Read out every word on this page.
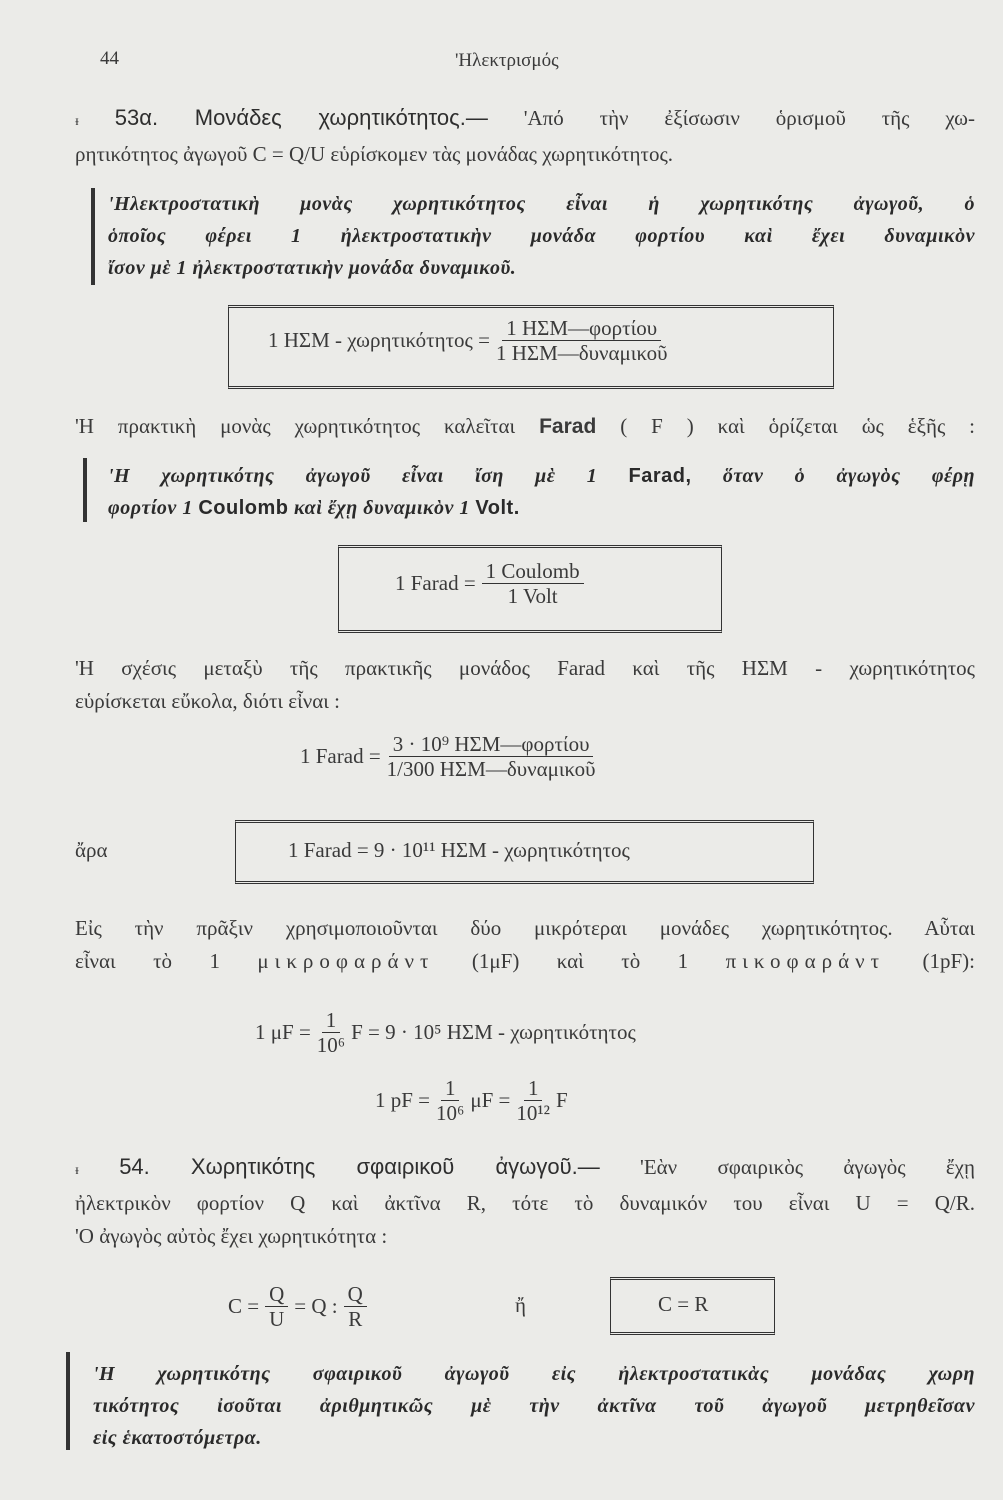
44	'Ηλεκτρισμός
ᵻ 53α. Μονάδες χωρητικότητος.— 'Από τὴν ἐξίσωσιν ὁρισμοῦ τῆς χω-
ρητικότητος ἀγωγοῦ C = Q/U εὑρίσκομεν τὰς μονάδας χωρητικότητος.
'Ηλεκτροστατικὴ μονὰς χωρητικότητος εἶναι ἡ χωρητικότης ἀγωγοῦ, ὁ
ὁποῖος φέρει 1 ἠλεκτροστατικὴν μονάδα φορτίου καὶ ἔχει δυναμικὸν
ἴσον μὲ 1 ἠλεκτροστατικὴν μονάδα δυναμικοῦ.
1 $H\Sigma M - \chi\omega\rho\eta\tau\iota\kappa ό\tau\eta\tau o\varsigma = \frac{\text{1 ΗΣΜ—φορτίου}}{\text{1 ΗΣΜ—δυναμικοῦ}}$
'Η πρακτικὴ μονὰς χωρητικότητος καλεῖται Farad ( F ) καὶ ὁρίζεται ὡς ἑξῆς :
'Η χωρητικότης ἀγωγοῦ εἶναι ἴση μὲ 1 Farad, ὅταν ὁ ἀγωγὸς φέρῃ
φορτίον 1 Coulomb καὶ ἔχῃ δυναμικὸν 1 Volt.
1 Farad = $\frac{\text{1 Coulomb}}{\text{1 Volt}}$
'Η σχέσις μεταξὺ τῆς πρακτικῆς μονάδος Farad καὶ τῆς ΗΣΜ - χωρητικότητος
εὑρίσκεται εὔκολα, διότι εἶναι :
1 Farad = $\frac{\text{3 · 10⁹ ΗΣΜ—φορτίου}}{\text{1/300 ΗΣΜ—δυναμικοῦ}}$
ἄρα	1 Farad = 9 · 10¹¹ ΗΣΜ - χωρητικότητος
Εἰς τὴν πρᾶξιν χρησιμοποιοῦνται δύο μικρότεραι μονάδες χωρητικότητος. Αὗται
εἶναι τὸ 1 μικροφαράντ (1μF) καὶ τὸ 1 πικοφαράντ (1pF):
1 $\mu F = \frac{1}{\text{10⁶}}$ F = 9 · 10⁵ ΗΣΜ - χωρητικότητος
1 pF = $\frac{1}{\text{10⁶}}$ $\mu F = \frac{1}{\text{10¹²}}$ F
ᵻ 54. Χωρητικότης σφαιρικοῦ ἀγωγοῦ.— 'Εὰν σφαιρικὸς ἀγωγὸς ἔχῃ
ἠλεκτρικὸν φορτίον Q καὶ ἀκτῖνα R, τότε τὸ δυναμικόν του εἶναι U = Q/R.
'Ο ἀγωγὸς αὐτὸς ἔχει χωρητικότητα :
$C = \frac{Q}{U} = Q$ : $\frac{Q}{R}$	ἤ	C = R
'Η χωρητικότης σφαιρικοῦ ἀγωγοῦ εἰς ἠλεκτροστατικὰς μονάδας χωρη
τικότητος ἰσοῦται ἀριθμητικῶς μὲ τὴν ἀκτῖνα τοῦ ἀγωγοῦ μετρηθεῖσαν
εἰς ἑκατοστόμετρα.
